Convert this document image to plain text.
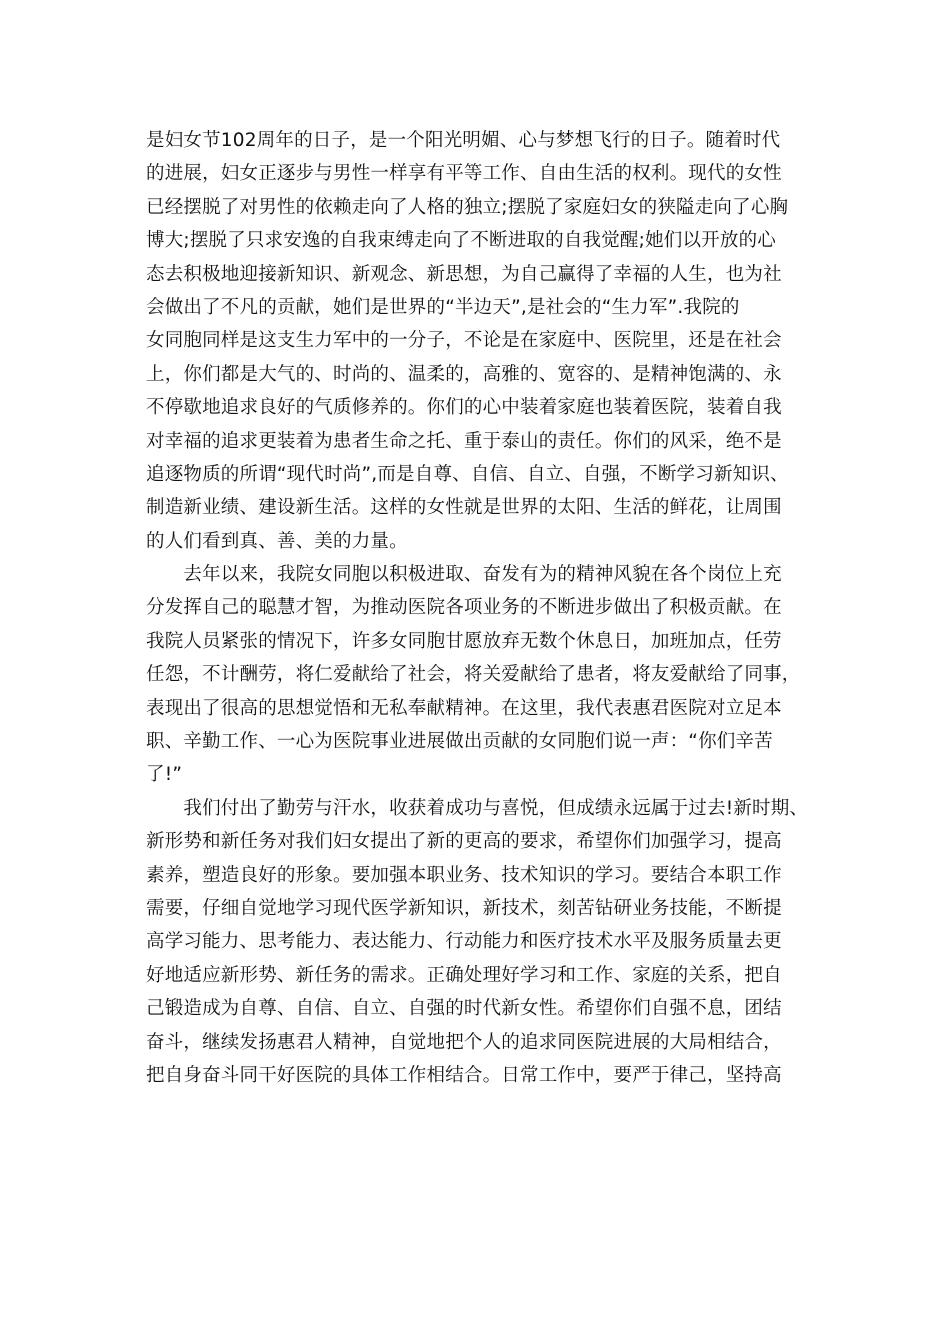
是妇女节102周年的日子，是一个阳光明媚、心与梦想飞行的日子。随着时代
的进展，妇女正逐步与男性一样享有平等工作、自由生活的权利。现代的女性
已经摆脱了对男性的依赖走向了人格的独立;摆脱了家庭妇女的狭隘走向了心胸
博大;摆脱了只求安逸的自我束缚走向了不断进取的自我觉醒;她们以开放的心
态去积极地迎接新知识、新观念、新思想，为自己赢得了幸福的人生，也为社
会做出了不凡的贡献，她们是世界的“半边天”,是社会的“生力军”.我院的
女同胞同样是这支生力军中的一分子，不论是在家庭中、医院里，还是在社会
上，你们都是大气的、时尚的、温柔的，高雅的、宽容的、是精神饱满的、永
不停歇地追求良好的气质修养的。你们的心中装着家庭也装着医院，装着自我
对幸福的追求更装着为患者生命之托、重于泰山的责任。你们的风采，绝不是
追逐物质的所谓“现代时尚”,而是自尊、自信、自立、自强，不断学习新知识、
制造新业绩、建设新生活。这样的女性就是世界的太阳、生活的鲜花，让周围
的人们看到真、善、美的力量。
　　去年以来，我院女同胞以积极进取、奋发有为的精神风貌在各个岗位上充
分发挥自己的聪慧才智，为推动医院各项业务的不断进步做出了积极贡献。在
我院人员紧张的情况下，许多女同胞甘愿放弃无数个休息日，加班加点，任劳
任怨，不计酬劳，将仁爱献给了社会，将关爱献给了患者，将友爱献给了同事，
表现出了很高的思想觉悟和无私奉献精神。在这里，我代表惠君医院对立足本
职、辛勤工作、一心为医院事业进展做出贡献的女同胞们说一声：“你们辛苦
了!”
　　我们付出了勤劳与汗水，收获着成功与喜悦，但成绩永远属于过去!新时期、
新形势和新任务对我们妇女提出了新的更高的要求，希望你们加强学习，提高
素养，塑造良好的形象。要加强本职业务、技术知识的学习。要结合本职工作
需要，仔细自觉地学习现代医学新知识，新技术，刻苦钻研业务技能，不断提
高学习能力、思考能力、表达能力、行动能力和医疗技术水平及服务质量去更
好地适应新形势、新任务的需求。正确处理好学习和工作、家庭的关系，把自
己锻造成为自尊、自信、自立、自强的时代新女性。希望你们自强不息，团结
奋斗，继续发扬惠君人精神，自觉地把个人的追求同医院进展的大局相结合，
把自身奋斗同干好医院的具体工作相结合。日常工作中，要严于律己，坚持高
